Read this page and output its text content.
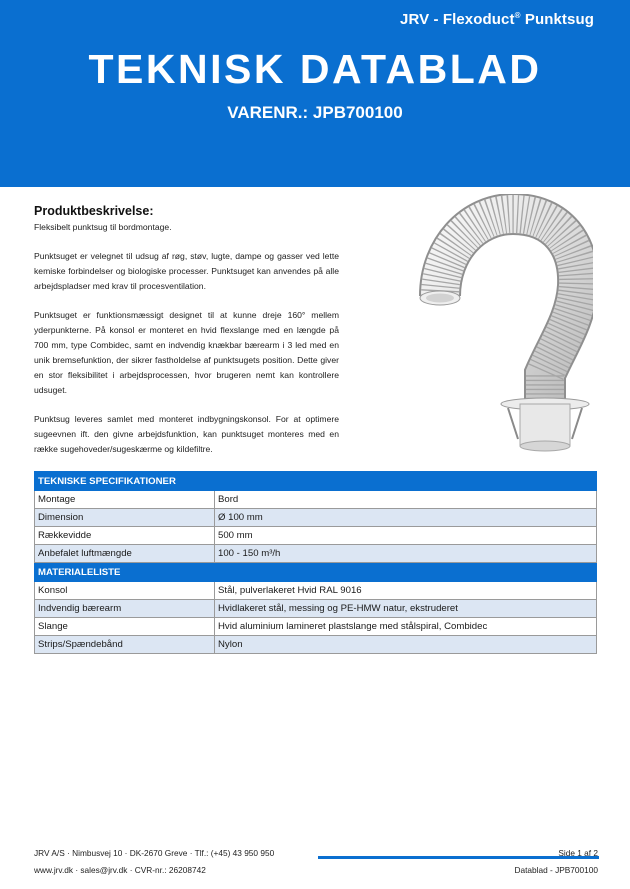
JRV - Flexoduct® Punktsug
TEKNISK DATABLAD
VARENR.: JPB700100
Produktbeskrivelse:

Fleksibelt punktsug til bordmontage.

Punktsuget er velegnet til udsug af røg, støv, lugte, dampe og gasser ved lette kemiske forbindelser og biologiske processer. Punktsuget kan anvendes på alle arbejdspladser med krav til procesventilation.

Punktsuget er funktionsmæssigt designet til at kunne dreje 160° mellem yderpunkterne. På konsol er monteret en hvid flexslange med en længde på 700 mm, type Combidec, samt en indvendig knækbar bærearm i 3 led med en unik bremsefunktion, der sikrer fastholdelse af punktsugets position. Dette giver en stor fleksibilitet i arbejdsprocessen, hvor brugeren nemt kan kontrollere udsuget.

Punktsug leveres samlet med monteret indbygningskonsol. For at optimere sugeevnen ift. den givne arbejdsfunktion, kan punktsuget monteres med en række sugehoveder/sugeskærme og kildefiltre.

TEKNISKE SPECIFIKATIONER	
Montage	Bord
Dimension	Ø 100 mm
Rækkevidde	500 mm
Anbefalet luftmængde	100 - 150 m³/h
MATERIALELISTE	
Konsol	Stål, pulverlakeret Hvid RAL 9016
Indvendig bærearm	Hvidlakeret stål, messing og PE-HMW natur, ekstruderet
Slange	Hvid aluminium lamineret plastslange med stålspiral, Combidec
Strips/Spændebånd	Nylon
JRV A/S · Nimbusvej 10 · DK-2670 Greve · Tlf.: (+45) 43 950 950
www.jrv.dk · sales@jrv.dk · CVR-nr.: 26208742
Side 1 af 2
Datablad - JPB700100
